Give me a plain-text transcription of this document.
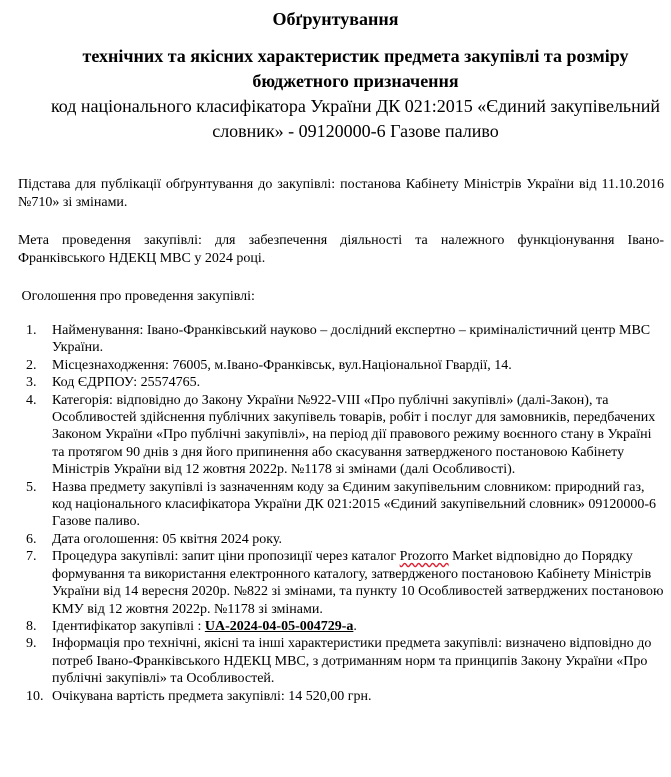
Обґрунтування
технічних та якісних характеристик предмета закупівлі та розміру бюджетного призначення
код національного класифікатора України ДК 021:2015 «Єдиний закупівельний словник» - 09120000-6 Газове паливо
Підстава для публікації обґрунтування до закупівлі: постанова Кабінету Міністрів України від 11.10.2016 №710» зі змінами.
Мета проведення закупівлі: для забезпечення діяльності та належного функціонування Івано-Франківського НДЕКЦ МВС у 2024 році.
Оголошення про проведення закупівлі:
1.	Найменування: Івано-Франківський науково – дослідний експертно – криміналістичний центр МВС України.
2.	Місцезнаходження: 76005, м.Івано-Франківськ, вул.Національної Гвардії, 14.
3.	Код ЄДРПОУ: 25574765.
4.	Категорія: відповідно до Закону України №922-VIII «Про публічні закупівлі» (далі-Закон), та Особливостей здійснення публічних закупівель товарів, робіт і послуг для замовників, передбачених Законом України «Про публічні закупівлі», на період дії правового режиму воєнного стану в Україні та протягом 90 днів з дня його припинення або скасування затвердженого постановою Кабінету Міністрів України від 12 жовтня 2022р. №1178 зі змінами (далі Особливості).
5.	Назва предмету закупівлі із зазначенням коду за Єдиним закупівельним словником: природний газ, код національного класифікатора України ДК 021:2015 «Єдиний закупівельний словник» 09120000-6 Газове паливо.
6.	Дата оголошення: 05 квітня 2024 року.
7.	Процедура закупівлі: запит ціни пропозиції через каталог Prozorro Market відповідно до Порядку формування та використання електронного каталогу, затвердженого постановою Кабінету Міністрів України від 14 вересня 2020р. №822 зі змінами, та пункту 10 Особливостей затверджених постановою КМУ від 12 жовтня 2022р. №1178 зі змінами.
8.	Ідентифікатор закупівлі : UA-2024-04-05-004729-a.
9.	Інформація про технічні, якісні та інші характеристики предмета закупівлі: визначено відповідно до потреб Івано-Франківського НДЕКЦ МВС, з дотриманням норм та принципів Закону України «Про публічні закупівлі» та Особливостей.
10. Очікувана вартість предмета закупівлі: 14 520,00 грн.
